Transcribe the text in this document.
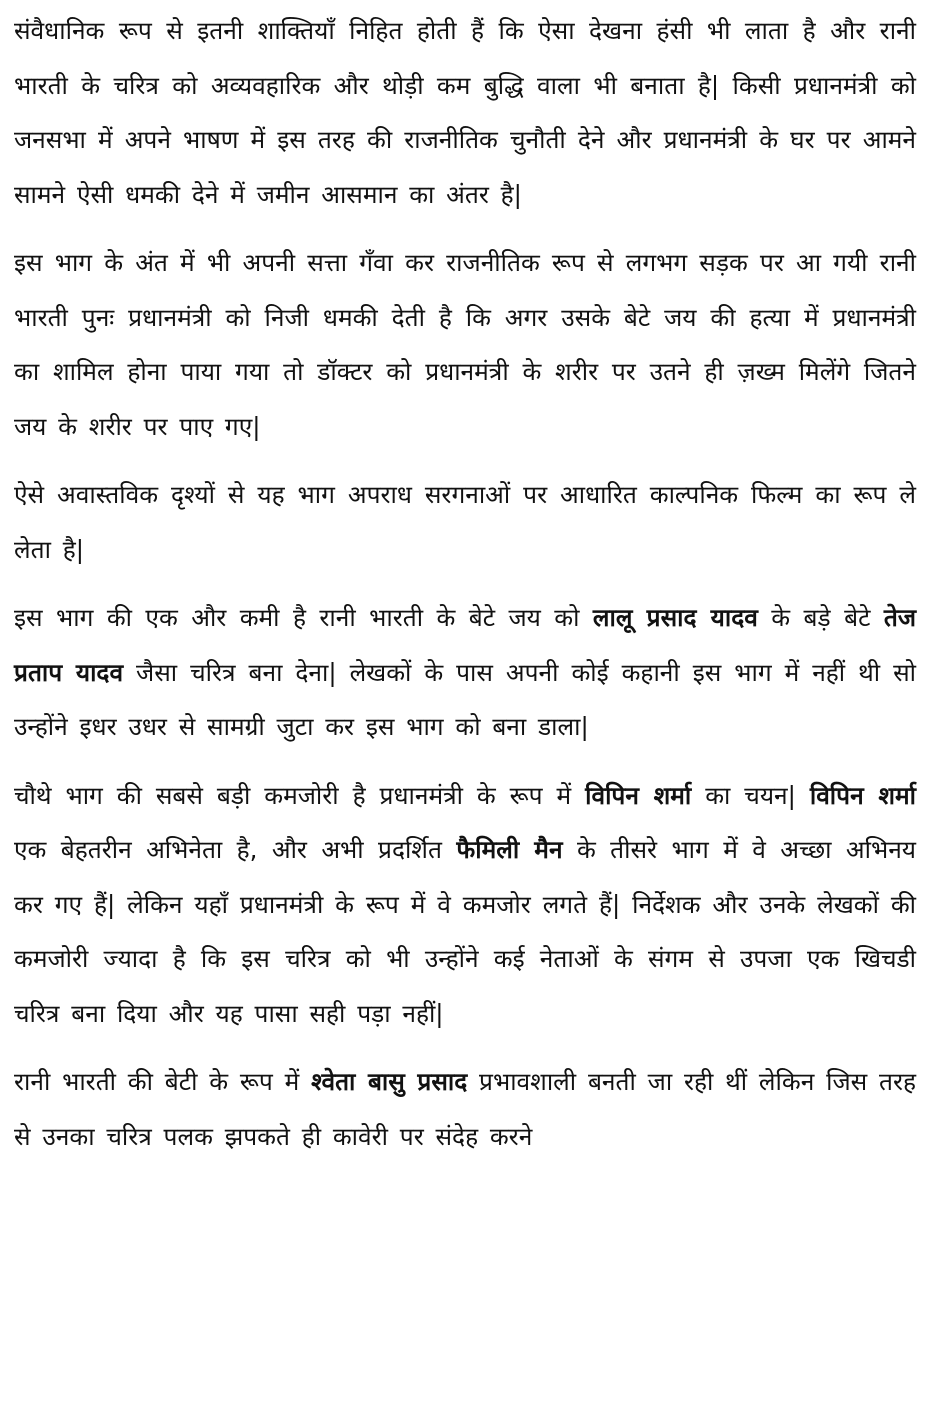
संवैधानिक रूप से इतनी शाक्तियाँ निहित होती हैं कि ऐसा देखना हंसी भी लाता है और रानी भारती के चरित्र को अव्यवहारिक और थोड़ी कम बुद्धि वाला भी बनाता है| किसी प्रधानमंत्री को जनसभा में अपने भाषण में इस तरह की राजनीतिक चुनौती देने और प्रधानमंत्री के घर पर आमने सामने ऐसी धमकी देने में जमीन आसमान का अंतर है|

इस भाग के अंत में भी अपनी सत्ता गँवा कर राजनीतिक रूप से लगभग सड़क पर आ गयी रानी भारती पुनः प्रधानमंत्री को निजी धमकी देती है कि अगर उसके बेटे जय की हत्या में प्रधानमंत्री का शामिल होना पाया गया तो डॉक्टर को प्रधानमंत्री के शरीर पर उतने ही ज़ख्म मिलेंगे जितने जय के शरीर पर पाए गए|

ऐसे अवास्तविक दृश्यों से यह भाग अपराध सरगनाओं पर आधारित काल्पनिक फिल्म का रूप ले लेता है|

इस भाग की एक और कमी है रानी भारती के बेटे जय को लालू प्रसाद यादव के बड़े बेटे तेज प्रताप यादव जैसा चरित्र बना देना| लेखकों के पास अपनी कोई कहानी इस भाग में नहीं थी सो उन्होंने इधर उधर से सामग्री जुटा कर इस भाग को बना डाला|

चौथे भाग की सबसे बड़ी कमजोरी है प्रधानमंत्री के रूप में विपिन शर्मा का चयन| विपिन शर्मा एक बेहतरीन अभिनेता है, और अभी प्रदर्शित फैमिली मैन के तीसरे भाग में वे अच्छा अभिनय कर गए हैं| लेकिन यहाँ प्रधानमंत्री के रूप में वे कमजोर लगते हैं| निर्देशक और उनके लेखकों की कमजोरी ज्यादा है कि इस चरित्र को भी उन्होंने कई नेताओं के संगम से उपजा एक खिचडी चरित्र बना दिया और यह पासा सही पड़ा नहीं|

रानी भारती की बेटी के रूप में श्वेता बासु प्रसाद प्रभावशाली बनती जा रही थीं लेकिन जिस तरह से उनका चरित्र पलक झपकते ही कावेरी पर संदेह करने
